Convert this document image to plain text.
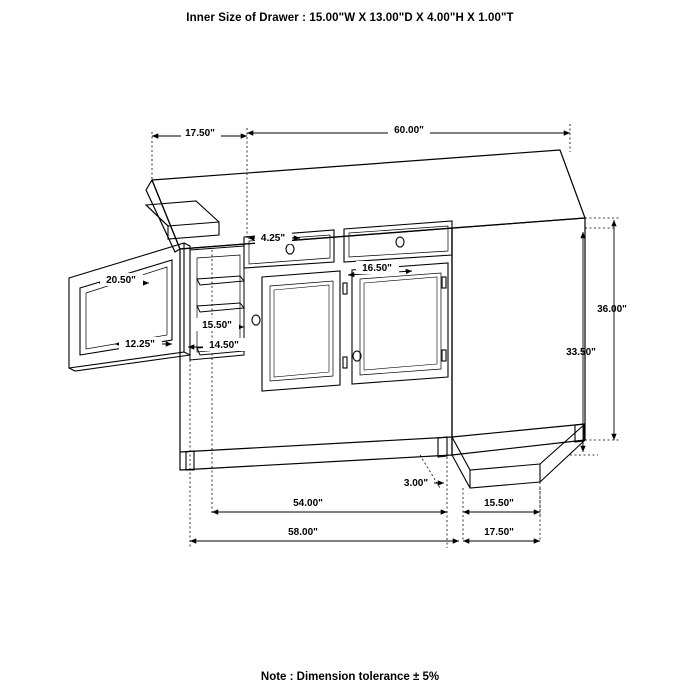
Inner Size of Drawer : 15.00"W X 13.00"D X 4.00"H X 1.00"T
17.50"	60.00"
4.25"
16.50"
20.50"
12.25"
15.50"
14.50"
36.00"
33.50"
3.00"
15.50"
54.00"
58.00"	17.50"
Note : Dimension tolerance ± 5%
